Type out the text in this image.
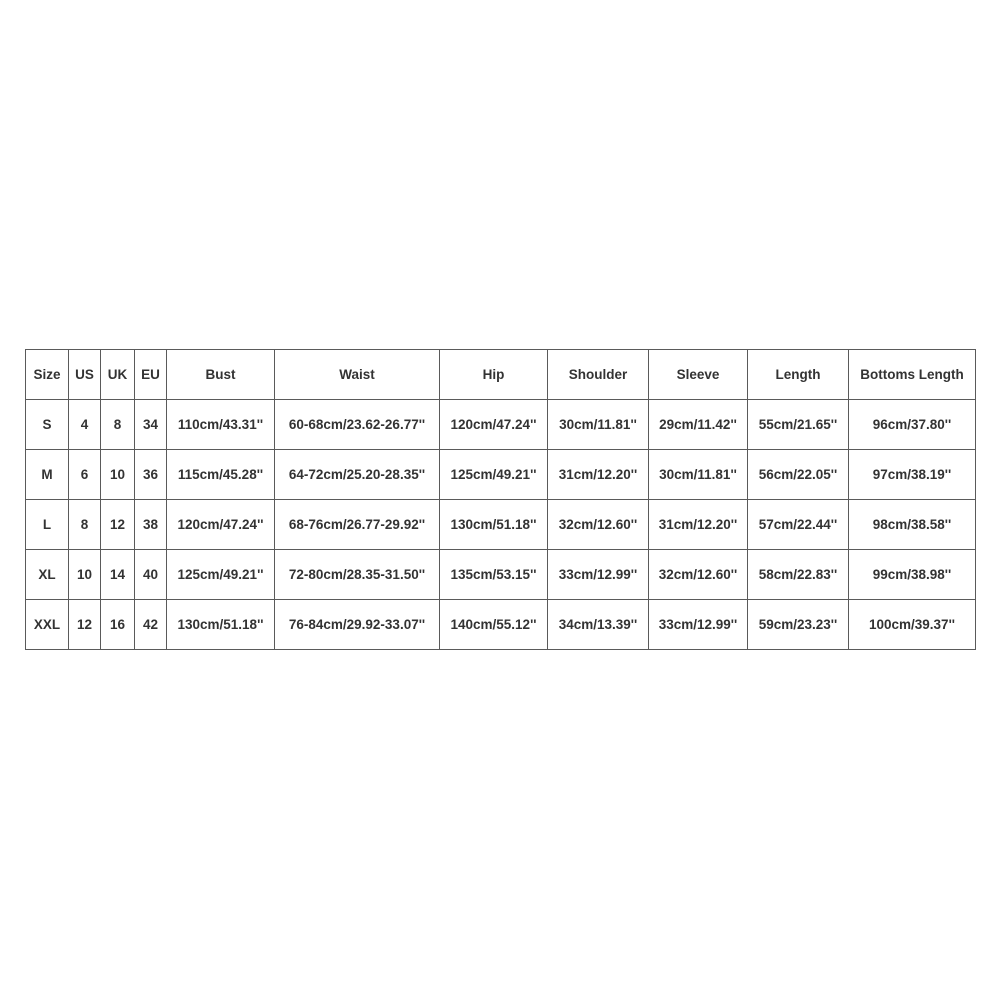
Size	US	UK	EU	Bust	Waist	Hip	Shoulder	Sleeve	Length	Bottoms Length
S	4	8	34	110cm/43.31''	60-68cm/23.62-26.77''	120cm/47.24''	30cm/11.81''	29cm/11.42''	55cm/21.65''	96cm/37.80''
M	6	10	36	115cm/45.28''	64-72cm/25.20-28.35''	125cm/49.21''	31cm/12.20''	30cm/11.81''	56cm/22.05''	97cm/38.19''
L	8	12	38	120cm/47.24''	68-76cm/26.77-29.92''	130cm/51.18''	32cm/12.60''	31cm/12.20''	57cm/22.44''	98cm/38.58''
XL	10	14	40	125cm/49.21''	72-80cm/28.35-31.50''	135cm/53.15''	33cm/12.99''	32cm/12.60''	58cm/22.83''	99cm/38.98''
XXL	12	16	42	130cm/51.18''	76-84cm/29.92-33.07''	140cm/55.12''	34cm/13.39''	33cm/12.99''	59cm/23.23''	100cm/39.37''
